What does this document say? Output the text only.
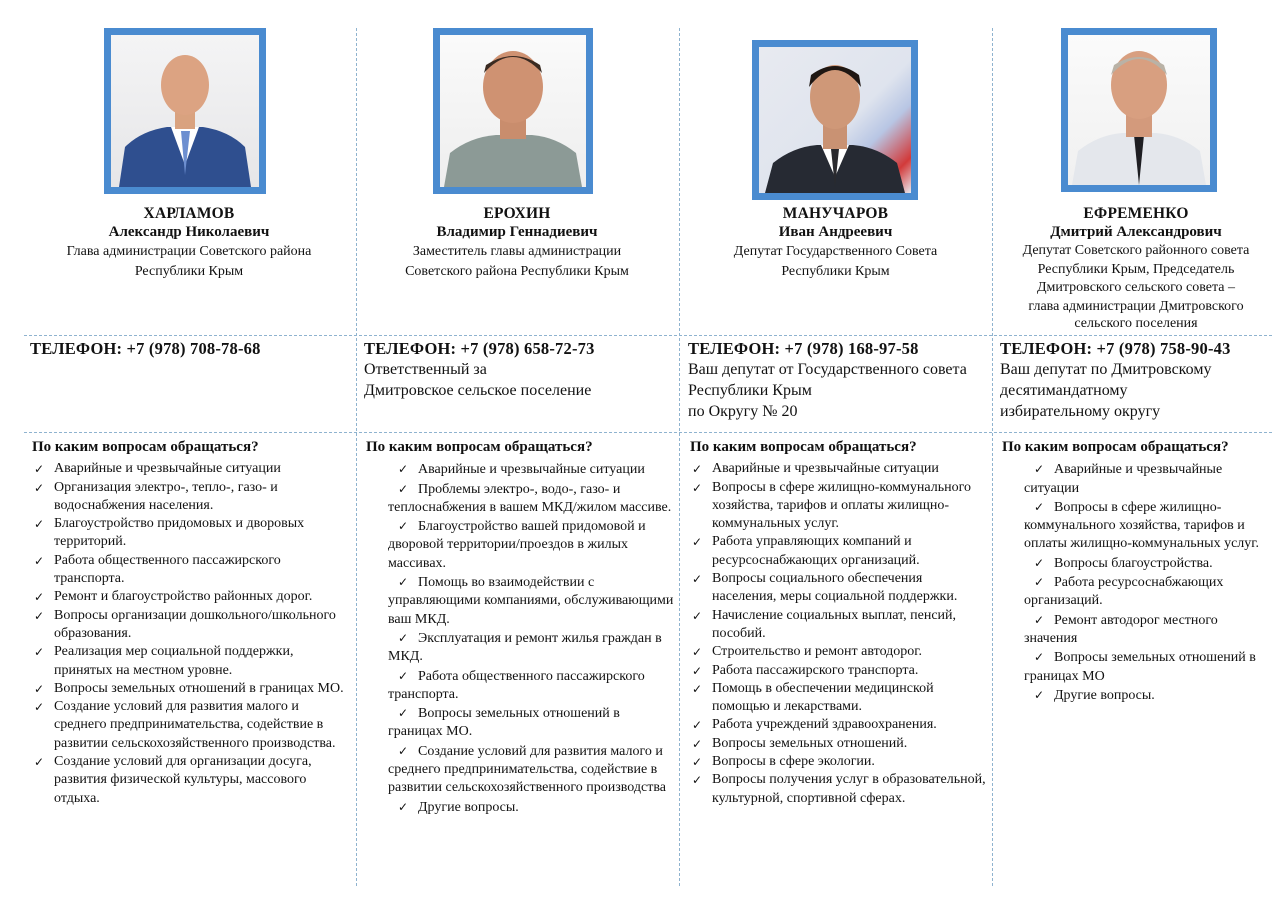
ХАРЛАМОВ
Александр Николаевич
Глава администрации Советского района
Республики Крым
ТЕЛЕФОН: +7 (978) 708-78-68
По каким вопросам обращаться?
✓ Аварийные и чрезвычайные ситуации
✓ Организация электро-, тепло-, газо- и водоснабжения населения.
✓ Благоустройство придомовых и дворовых территорий.
✓ Работа общественного пассажирского транспорта.
✓ Ремонт и благоустройство районных дорог.
✓ Вопросы организации дошкольного/школьного образования.
✓ Реализация мер социальной поддержки, принятых на местном уровне.
✓ Вопросы земельных отношений в границах МО.
✓ Создание условий для развития малого и среднего предпринимательства, содействие в развитии сельскохозяйственного производства.
✓ Создание условий для организации досуга, развития физической культуры, массового отдыха.
ЕРОХИН
Владимир Геннадиевич
Заместитель главы администрации
Советского района Республики Крым
ТЕЛЕФОН: +7 (978) 658-72-73
Ответственный за
Дмитровское сельское поселение
По каким вопросам обращаться?
✓ Аварийные и чрезвычайные ситуации
✓ Проблемы электро-, водо-, газо- и теплоснабжения в вашем МКД/жилом массиве.
✓ Благоустройство вашей придомовой и дворовой территории/проездов в жилых массивах.
✓ Помощь во взаимодействии с управляющими компаниями, обслуживающими ваш МКД.
✓ Эксплуатация и ремонт жилья граждан в МКД.
✓ Работа общественного пассажирского транспорта.
✓ Вопросы земельных отношений в границах МО.
✓ Создание условий для развития малого и среднего предпринимательства, содействие в развитии сельскохозяйственного производства
✓ Другие вопросы.
МАНУЧАРОВ
Иван Андреевич
Депутат Государственного Совета
Республики Крым
ТЕЛЕФОН: +7 (978) 168-97-58
Ваш депутат от Государственного совета
Республики Крым
по Округу № 20
По каким вопросам обращаться?
✓ Аварийные и чрезвычайные ситуации
✓ Вопросы в сфере жилищно-коммунального хозяйства, тарифов и оплаты жилищно-коммунальных услуг.
✓ Работа управляющих компаний и ресурсоснабжающих организаций.
✓ Вопросы социального обеспечения населения, меры социальной поддержки.
✓ Начисление социальных выплат, пенсий, пособий.
✓ Строительство и ремонт автодорог.
✓ Работа пассажирского транспорта.
✓ Помощь в обеспечении медицинской помощью и лекарствами.
✓ Работа учреждений здравоохранения.
✓ Вопросы земельных отношений.
✓ Вопросы в сфере экологии.
✓ Вопросы получения услуг в образовательной, культурной, спортивной сферах.
ЕФРЕМЕНКО
Дмитрий Александрович
Депутат Советского районного совета
Республики Крым, Председатель
Дмитровского сельского совета –
глава администрации Дмитровского
сельского поселения
ТЕЛЕФОН: +7 (978) 758-90-43
Ваш депутат по Дмитровскому
десятимандатному
избирательному округу
По каким вопросам обращаться?
✓ Аварийные и чрезвычайные ситуации
✓ Вопросы в сфере жилищно-коммунального хозяйства, тарифов и оплаты жилищно-коммунальных услуг.
✓ Вопросы благоустройства.
✓ Работа ресурсоснабжающих организаций.
✓ Ремонт автодорог местного значения
✓ Вопросы земельных отношений в границах МО
✓ Другие вопросы.
